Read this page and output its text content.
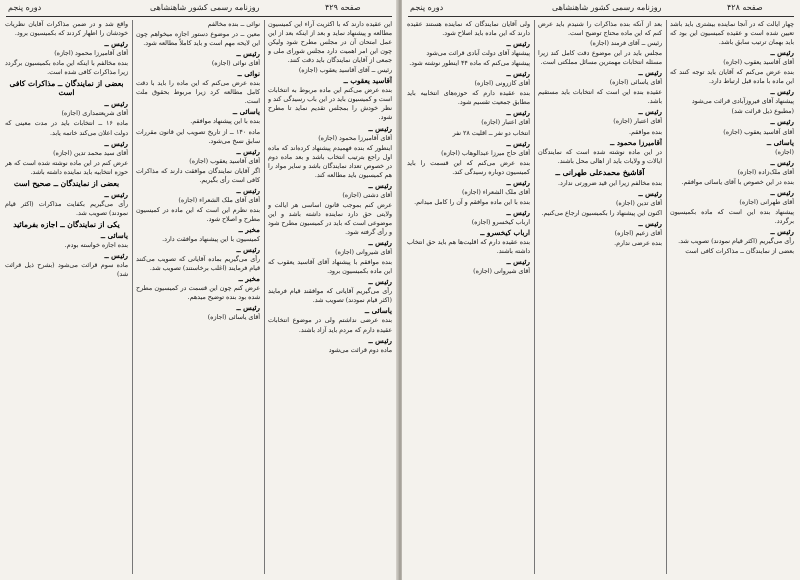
دوره پنجم	روزنامه رسمی کشور شاهنشاهی	صفحه ۴۲۹

این عقیده دارند که با اکثریت آراء این کمیسیون مطالعه و پیشنهاد نماید و بعد از اینکه بعد از این عمل امتحان آن در مجلس مطرح شود ولیکن چون این امر اهمیت دارد مجلس شورای ملی و جمعی از آقایان نمایندگان باید دقت کنند.

رئیس ــ آقای آقاسید یعقوب (اجازه)

آقاسید یعقوب ــ

بنده عرض می‌کنم این ماده مربوط به انتخابات است و کمیسیون باید در این باب رسیدگی کند و نظر خودش را بمجلس تقدیم نماید تا مطرح شود.

رئیس ــ

آقای آقامیرزا محمود (اجازه)

اینطور که بنده فهمیدم پیشنهاد کرده‌اند که ماده اول راجع بترتیب انتخاب باشد و بعد ماده دوم در خصوص تعداد نمایندگان باشد و سایر مواد را هم کمیسیون باید مطالعه کند.

رئیس ــ

آقای دشتی (اجازه)

عرض کنم بموجب قانون اساسی هر ایالت و ولایتی حق دارد نماینده داشته باشد و این موضوعی است که باید در کمیسیون مطرح شود و رأی گرفته شود.

رئیس ــ

آقای شیروانی (اجازه)

بنده موافقم با پیشنهاد آقای آقاسید یعقوب که این ماده بکمیسیون برود.

رئیس ــ

رأی می‌گیریم آقایانی که موافقند قیام فرمایند (اکثر قیام نمودند) تصویب شد.

یاسائی ــ

بنده عرضی نداشتم ولی در موضوع انتخابات عقیده دارم که مردم باید آزاد باشند.

رئیس ــ

ماده دوم قرائت می‌شود

نوائی ــ بنده مخالفم

معین ــ در موضوع دستور اجازه میخواهم چون این لایحه مهم است و باید کاملاً مطالعه شود.

رئیس ــ

آقای نوائی (اجازه)

نوائی ــ

بنده عرض می‌کنم که این ماده را باید با دقت کامل مطالعه کرد زیرا مربوط بحقوق ملت است.

یاسائی ــ

بنده با این پیشنهاد موافقم.

ماده ۱۴۰ ــ از تاریخ تصویب این قانون مقررات سابق نسخ می‌شود.

رئیس ــ

آقای آقاسید یعقوب (اجازه)

اگر آقایان نمایندگان موافقت دارند که مذاکرات کافی است رأی بگیریم.

رئیس ــ

آقای آقای ملک الشعراء (اجازه)

بنده نظرم این است که این ماده در کمیسیون مطرح و اصلاح شود.

مخبر ــ

کمیسیون با این پیشنهاد موافقت دارد.

رئیس ــ

رأی می‌گیریم بماده آقایانی که تصویب می‌کنند قیام فرمایند (اغلب برخاستند) تصویب شد.

مخبر ــ

عرض کنم چون این قسمت در کمیسیون مطرح شده بود بنده توضیح میدهم.

رئیس ــ

آقای یاسائی (اجازه)

واقع شد و در ضمن مذاکرات آقایان نظریات خودشان را اظهار کردند که بکمیسیون برود.

رئیس ــ

آقای آقامیرزا محمود (اجازه)

بنده مخالفم با اینکه این ماده بکمیسیون برگردد زیرا مذاکرات کافی شده است.

بعضی از نمایندگان ــ مذاکرات کافی است
رئیس ــ

آقای شریعتمداری (اجازه)

ماده ۱۶ ــ انتخابات باید در مدت معینی که دولت اعلان می‌کند خاتمه یابد.

رئیس ــ

آقای سید محمد تدین (اجازه)

عرض کنم در این ماده نوشته شده است که هر حوزه انتخابیه باید نماینده داشته باشد.

بعضی از نمایندگان ــ صحیح است
رئیس ــ

رأی می‌گیریم بکفایت مذاکرات (اکثر قیام نمودند) تصویب شد.

یکی از نمایندگان ــ اجازه بفرمائید
یاسائی ــ

بنده اجازه خواسته بودم.

رئیس ــ

ماده سوم قرائت می‌شود (بشرح ذیل قرائت شد)

دوره پنجم	روزنامه رسمی کشور شاهنشاهی	صفحه ۴۲۸

چهار ایالت که در آنجا نماینده بیشتری باید باشد تعیین شده است و عقیده کمیسیون این بود که باید بهمان ترتیب سابق باشد.

رئیس ــ

آقای آقاسید یعقوب (اجازه)

بنده عرض می‌کنم که آقایان باید توجه کنند که این ماده با ماده قبل ارتباط دارد.

رئیس ــ

پیشنهاد آقای فیروزآبادی قرائت می‌شود

(مطبوع ذیل قرائت شد)

رئیس ــ

آقای آقاسید یعقوب (اجازه)

یاسائی ــ

(اجازه)

رئیس ــ

آقای ملک‌زاده (اجازه)

بنده در این خصوص با آقای یاسائی موافقم.

رئیس ــ

آقای طهرانی (اجازه)

پیشنهاد بنده این است که ماده بکمیسیون برگردد.

رئیس ــ

رأی می‌گیریم (اکثر قیام نمودند) تصویب شد.

بعضی از نمایندگان ــ مذاکرات کافی است

بعد از آنکه بنده مذاکرات را شنیدم باید عرض کنم که این ماده محتاج توضیح است.

رئیس ــ آقای فرمند (اجازه)

مجلس باید در این موضوع دقت کامل کند زیرا مسئله انتخابات مهمترین مسائل مملکتی است.

رئیس ــ

آقای یاسائی (اجازه)

عقیده بنده این است که انتخابات باید مستقیم باشد.

رئیس ــ

آقای اعتبار (اجازه)

بنده موافقم.

آقامیرزا محمود ــ

در این ماده نوشته شده است که نمایندگان ایالات و ولایات باید از اهالی محل باشند.

آقاشیخ محمدعلی طهرانی ــ

بنده مخالفم زیرا این قید ضرورتی ندارد.

رئیس ــ

آقای تدین (اجازه)

اکنون این پیشنهاد را بکمیسیون ارجاع می‌کنیم.

رئیس ــ

آقای زعیم (اجازه)

بنده عرضی ندارم.

ولی آقایان نمایندگان که نماینده هستند عقیده دارند که این ماده باید اصلاح شود.

رئیس ــ

پیشنهاد آقای دولت آبادی قرائت می‌شود

پیشنهاد می‌کنم که ماده ۴۴ اینطور نوشته شود.

رئیس ــ

آقای کازرونی (اجازه)

بنده عقیده دارم که حوزه‌های انتخابیه باید مطابق جمعیت تقسیم شود.

رئیس ــ

آقای اعتبار (اجازه)

انتخاب دو نفر ــ اقلیت ۲۸ نفر

رئیس ــ

آقای حاج میرزا عبدالوهاب (اجازه)

بنده عرض می‌کنم که این قسمت را باید کمیسیون دوباره رسیدگی کند.

رئیس ــ

آقای ملک الشعراء (اجازه)

بنده با این ماده موافقم و آن را کامل میدانم.

رئیس ــ

ارباب کیخسرو (اجازه)

ارباب کیخسرو ــ

بنده عقیده دارم که اقلیت‌ها هم باید حق انتخاب داشته باشند.

رئیس ــ

آقای شیروانی (اجازه)
